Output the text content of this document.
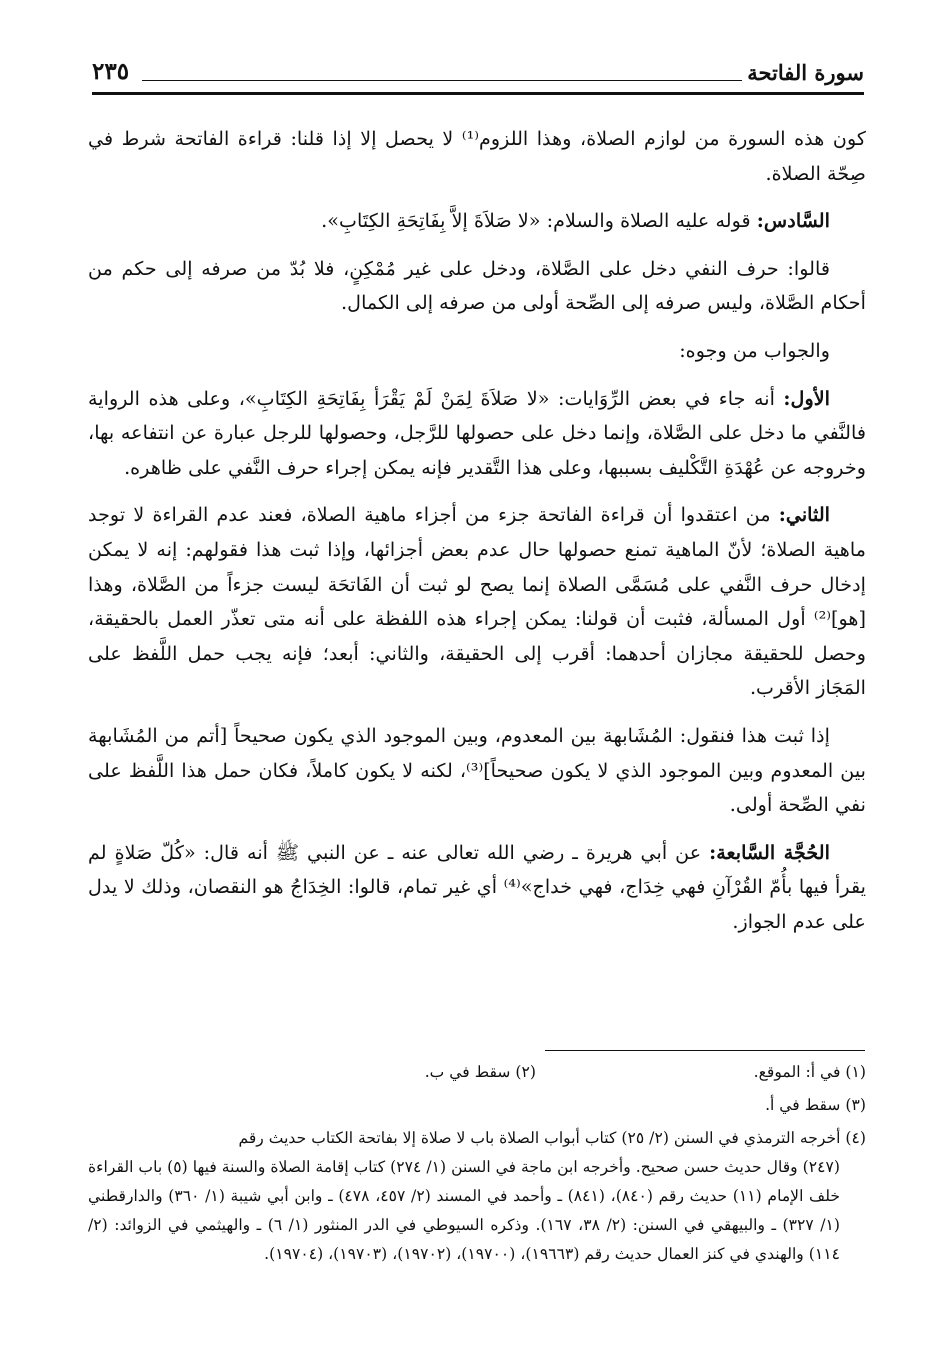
سورة الفاتحة
٢٣٥

كون هذه السورة من لوازم الصلاة، وهذا اللزوم⁽¹⁾ لا يحصل إلا إذا قلنا: قراءة الفاتحة شرط في صِحّة الصلاة.

السَّادس: قوله عليه الصلاة والسلام: «لا صَلاَةَ إلاَّ بِفَاتِحَةِ الكِتَابِ».

قالوا: حرف النفي دخل على الصَّلاة، ودخل على غير مُمْكِنٍ، فلا بُدّ من صرفه إلى حكم من أحكام الصَّلاة، وليس صرفه إلى الصِّحة أولى من صرفه إلى الكمال.

والجواب من وجوه:

الأول: أنه جاء في بعض الرِّوَايات: «لا صَلاَةَ لِمَنْ لَمْ يَقْرَأ بِفَاتِحَةِ الكِتَابِ»، وعلى هذه الرواية فالنَّفي ما دخل على الصَّلاة، وإنما دخل على حصولها للرَّجل، وحصولها للرجل عبارة عن انتفاعه بها، وخروجه عن عُهْدَةِ التَّكْليف بسببها، وعلى هذا التَّقدير فإنه يمكن إجراء حرف النَّفي على ظاهره.

الثاني: من اعتقدوا أن قراءة الفاتحة جزء من أجزاء ماهية الصلاة، فعند عدم القراءة لا توجد ماهية الصلاة؛ لأنّ الماهية تمنع حصولها حال عدم بعض أجزائها، وإذا ثبت هذا فقولهم: إنه لا يمكن إدخال حرف النَّفي على مُسَمَّى الصلاة إنما يصح لو ثبت أن الفَاتحَة ليست جزءاً من الصَّلاة، وهذا [هو]⁽²⁾ أول المسألة، فثبت أن قولنا: يمكن إجراء هذه اللفظة على أنه متى تعذّر العمل بالحقيقة، وحصل للحقيقة مجازان أحدهما: أقرب إلى الحقيقة، والثاني: أبعد؛ فإنه يجب حمل اللَّفظ على المَجَاز الأقرب.

إذا ثبت هذا فنقول: المُشَابهة بين المعدوم، وبين الموجود الذي يكون صحيحاً [أتم من المُشَابهة بين المعدوم وبين الموجود الذي لا يكون صحيحاً]⁽³⁾، لكنه لا يكون كاملاً، فكان حمل هذا اللَّفظ على نفي الصِّحة أولى.

الحُجَّة السَّابعة: عن أبي هريرة ـ رضي الله تعالى عنه ـ عن النبي ﷺ أنه قال: «كُلّ صَلاةٍ لم يقرأ فيها بأُمّ القُرْآنِ فهي خِدَاج، فهي خداج»⁽⁴⁾ أي غير تمام، قالوا: الخِدَاجُ هو النقصان، وذلك لا يدل على عدم الجواز.

(١) في أ: الموقع.
(٢) سقط في ب.
(٣) سقط في أ.

(٤) أخرجه الترمذي في السنن (٢/ ٢٥) كتاب أبواب الصلاة باب لا صلاة إلا بفاتحة الكتاب حديث رقم

(٢٤٧) وقال حديث حسن صحيح. وأخرجه ابن ماجة في السنن (١/ ٢٧٤) كتاب إقامة الصلاة والسنة فيها (٥) باب القراءة خلف الإمام (١١) حديث رقم (٨٤٠)، (٨٤١) ـ وأحمد في المسند (٢/ ٤٥٧، ٤٧٨) ـ وابن أبي شيبة (١/ ٣٦٠) والدارقطني (١/ ٣٢٧) ـ والبيهقي في السنن: (٢/ ٣٨، ١٦٧). وذكره السيوطي في الدر المنثور (١/ ٦) ـ والهيثمي في الزوائد: (٢/ ١١٤) والهندي في كنز العمال حديث رقم (١٩٦٦٣)، (١٩٧٠٠)، (١٩٧٠٢)، (١٩٧٠٣)، (١٩٧٠٤).
